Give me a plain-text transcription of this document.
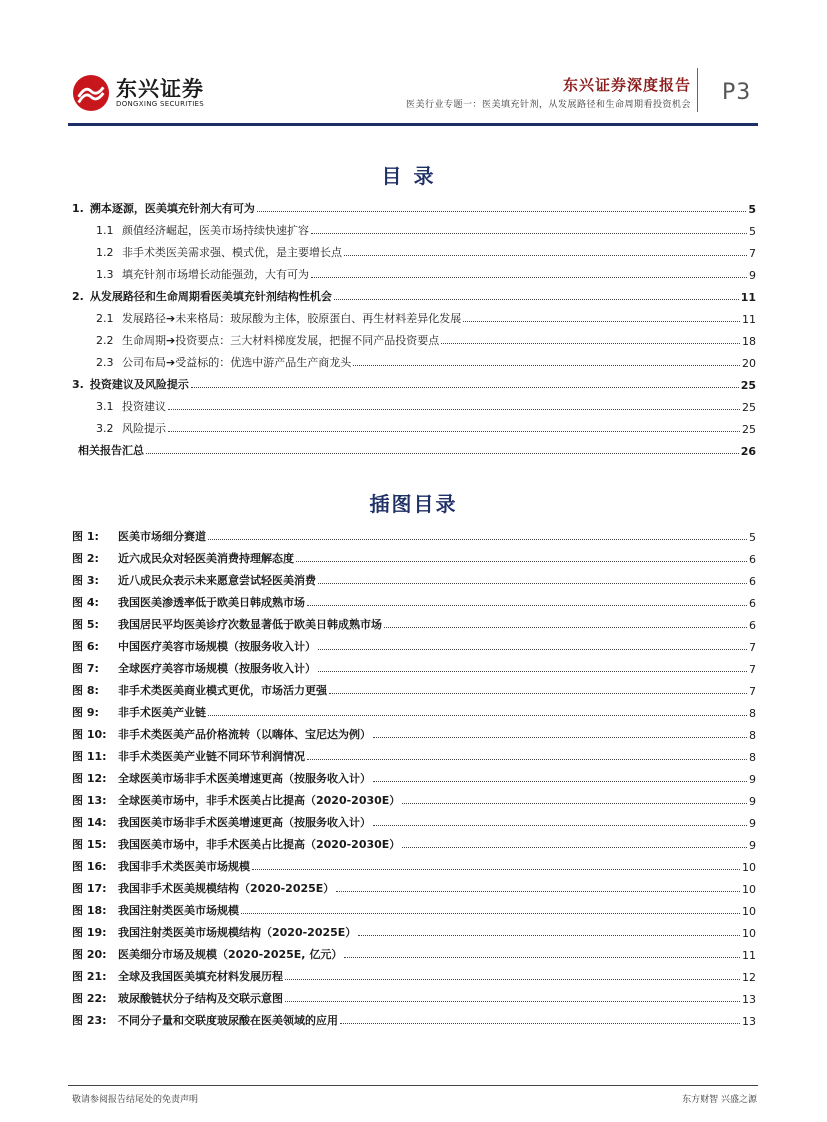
东兴证券
DONGXING SECURITIES
东兴证券深度报告
医美行业专题一：医美填充针剂，从发展路径和生命周期看投资机会 P3
目录
1. 溯本逐源，医美填充针剂大有可为	5
1.1 颜值经济崛起，医美市场持续快速扩容	5
1.2 非手术类医美需求强、模式优，是主要增长点	7
1.3 填充针剂市场增长动能强劲，大有可为	9
2. 从发展路径和生命周期看医美填充针剂结构性机会	11
2.1 发展路径➔未来格局：玻尿酸为主体，胶原蛋白、再生材料差异化发展	11
2.2 生命周期➔投资要点：三大材料梯度发展，把握不同产品投资要点	18
2.3 公司布局➔受益标的：优选中游产品生产商龙头	20
3. 投资建议及风险提示	25
3.1 投资建议	25
3.2 风险提示	25
相关报告汇总	26
插图目录
图 1: 医美市场细分赛道	5
图 2: 近六成民众对轻医美消费持理解态度	6
图 3: 近八成民众表示未来愿意尝试轻医美消费	6
图 4: 我国医美渗透率低于欧美日韩成熟市场	6
图 5: 我国居民平均医美诊疗次数显著低于欧美日韩成熟市场	6
图 6: 中国医疗美容市场规模（按服务收入计）	7
图 7: 全球医疗美容市场规模（按服务收入计）	7
图 8: 非手术类医美商业模式更优，市场活力更强	7
图 9: 非手术医美产业链	8
图 10: 非手术类医美产品价格流转（以嗨体、宝尼达为例）	8
图 11: 非手术类医美产业链不同环节利润情况	8
图 12: 全球医美市场非手术医美增速更高（按服务收入计）	9
图 13: 全球医美市场中，非手术医美占比提高（2020-2030E）	9
图 14: 我国医美市场非手术医美增速更高（按服务收入计）	9
图 15: 我国医美市场中，非手术医美占比提高（2020-2030E）	9
图 16: 我国非手术类医美市场规模	10
图 17: 我国非手术医美规模结构（2020-2025E）	10
图 18: 我国注射类医美市场规模	10
图 19: 我国注射类医美市场规模结构（2020-2025E）	10
图 20: 医美细分市场及规模（2020-2025E, 亿元）	11
图 21: 全球及我国医美填充材料发展历程	12
图 22: 玻尿酸链状分子结构及交联示意图	13
图 23: 不同分子量和交联度玻尿酸在医美领域的应用	13
敬请参阅报告结尾处的免责声明	东方财智 兴盛之源
